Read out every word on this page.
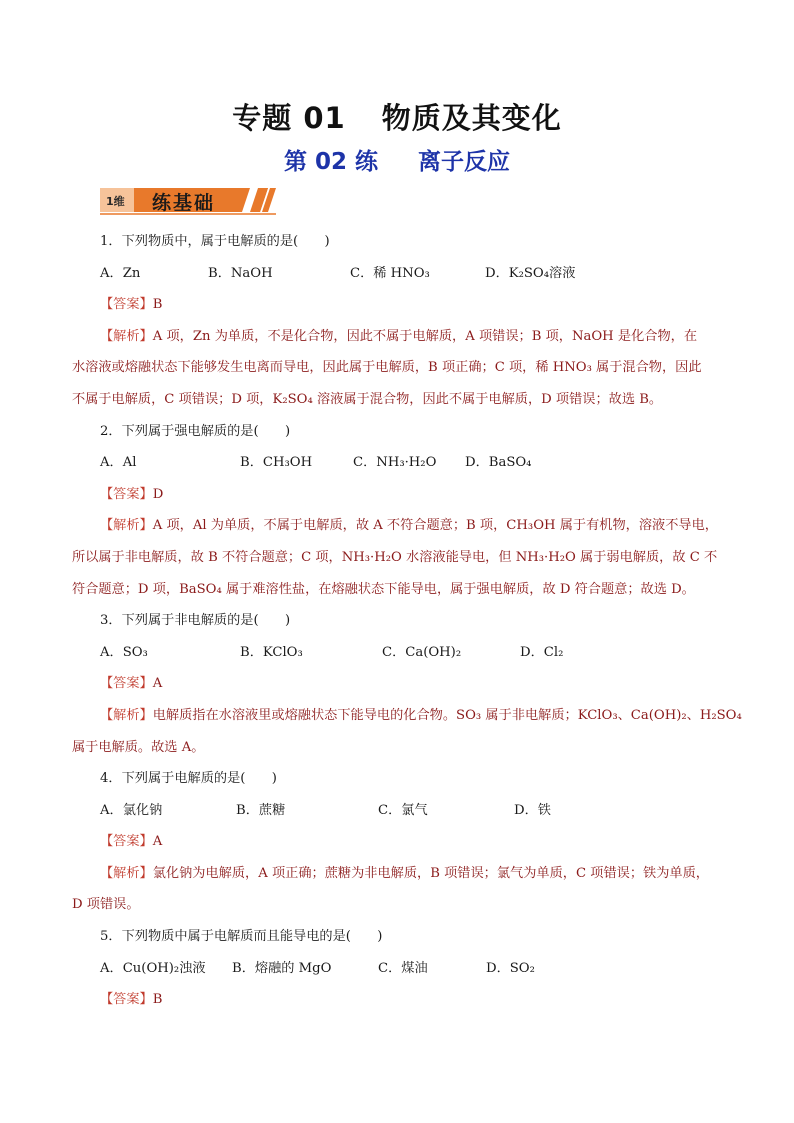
专题 01 物质及其变化
第 02 练 离子反应
1维 练基础
1．下列物质中，属于电解质的是(　　)
A．Zn	B．NaOH	C．稀 HNO₃	D．K₂SO₄溶液
【答案】B
【解析】A 项，Zn 为单质，不是化合物，因此不属于电解质，A 项错误；B 项，NaOH 是化合物，在
水溶液或熔融状态下能够发生电离而导电，因此属于电解质，B 项正确；C 项，稀 HNO₃ 属于混合物，因此
不属于电解质，C 项错误；D 项，K₂SO₄ 溶液属于混合物，因此不属于电解质，D 项错误；故选 B。
2．下列属于强电解质的是(　　)
A．Al	B．CH₃OH	C．NH₃·H₂O D．BaSO₄
【答案】D
【解析】A 项，Al 为单质，不属于电解质，故 A 不符合题意；B 项，CH₃OH 属于有机物，溶液不导电，
所以属于非电解质，故 B 不符合题意；C 项，NH₃·H₂O 水溶液能导电，但 NH₃·H₂O 属于弱电解质，故 C 不
符合题意；D 项，BaSO₄ 属于难溶性盐，在熔融状态下能导电，属于强电解质，故 D 符合题意；故选 D。
3．下列属于非电解质的是(　　)
A．SO₃	B．KClO₃	C．Ca(OH)₂	D．Cl₂
【答案】A
【解析】电解质指在水溶液里或熔融状态下能导电的化合物。SO₃ 属于非电解质；KClO₃、Ca(OH)₂、H₂SO₄
属于电解质。故选 A。
4．下列属于电解质的是(　　)
A．氯化钠	B．蔗糖	C．氯气	D．铁
【答案】A
【解析】氯化钠为电解质，A 项正确；蔗糖为非电解质，B 项错误；氯气为单质，C 项错误；铁为单质，
D 项错误。
5．下列物质中属于电解质而且能导电的是(　　)
A．Cu(OH)₂浊液 B．熔融的 MgO	C．煤油	D．SO₂
【答案】B
